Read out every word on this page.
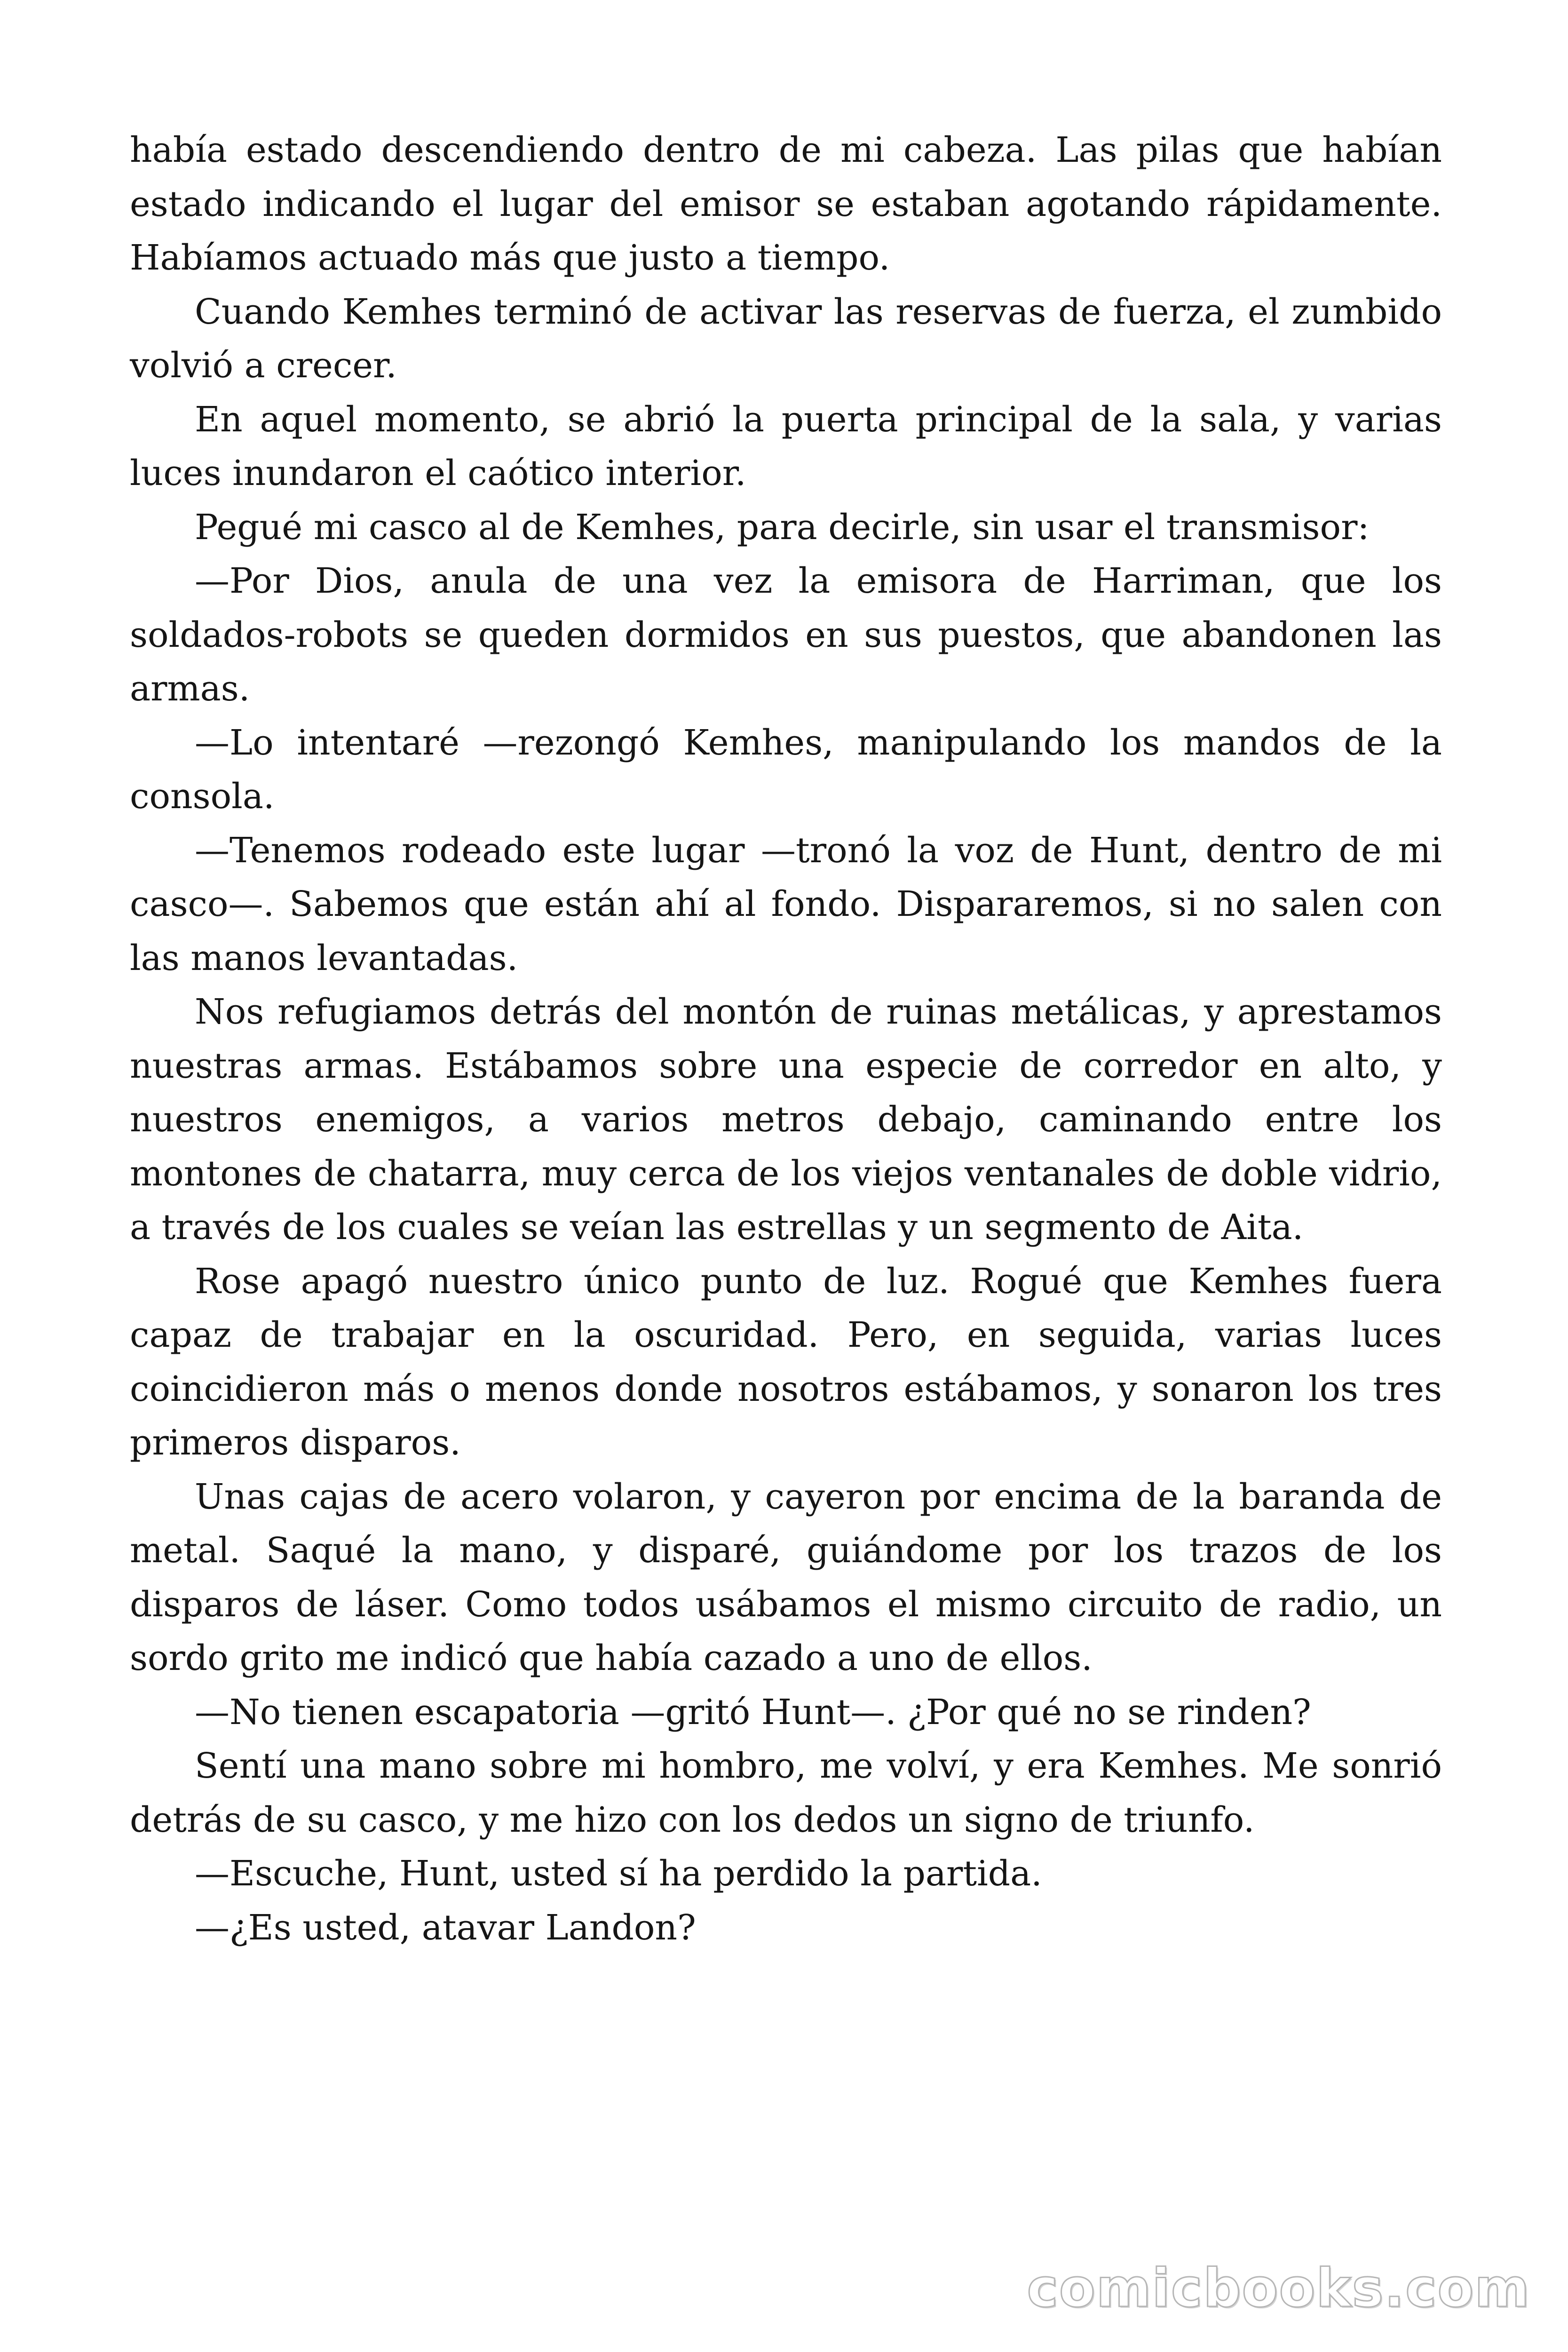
había estado descendiendo dentro de mi cabeza. Las pilas que habían estado indicando el lugar del emisor se estaban agotando rápidamente. Habíamos actuado más que justo a tiempo.

Cuando Kemhes terminó de activar las reservas de fuerza, el zumbido volvió a crecer.

En aquel momento, se abrió la puerta principal de la sala, y varias luces inundaron el caótico interior.

Pegué mi casco al de Kemhes, para decirle, sin usar el transmisor:

—Por Dios, anula de una vez la emisora de Harriman, que los soldados-robots se queden dormidos en sus puestos, que abandonen las armas.

—Lo intentaré —rezongó Kemhes, manipulando los mandos de la consola.

—Tenemos rodeado este lugar —tronó la voz de Hunt, dentro de mi casco—. Sabemos que están ahí al fondo. Dispararemos, si no salen con las manos levantadas.

Nos refugiamos detrás del montón de ruinas metálicas, y aprestamos nuestras armas. Estábamos sobre una especie de corredor en alto, y nuestros enemigos, a varios metros debajo, caminando entre los montones de chatarra, muy cerca de los viejos ventanales de doble vidrio, a través de los cuales se veían las estrellas y un segmento de Aita.

Rose apagó nuestro único punto de luz. Rogué que Kemhes fuera capaz de trabajar en la oscuridad. Pero, en seguida, varias luces coincidieron más o menos donde nosotros estábamos, y sonaron los tres primeros disparos.

Unas cajas de acero volaron, y cayeron por encima de la baranda de metal. Saqué la mano, y disparé, guiándome por los trazos de los disparos de láser. Como todos usábamos el mismo circuito de radio, un sordo grito me indicó que había cazado a uno de ellos.

—No tienen escapatoria —gritó Hunt—. ¿Por qué no se rinden?

Sentí una mano sobre mi hombro, me volví, y era Kemhes. Me sonrió detrás de su casco, y me hizo con los dedos un signo de triunfo.

—Escuche, Hunt, usted sí ha perdido la partida.

—¿Es usted, atavar Landon?

comicbooks.com
